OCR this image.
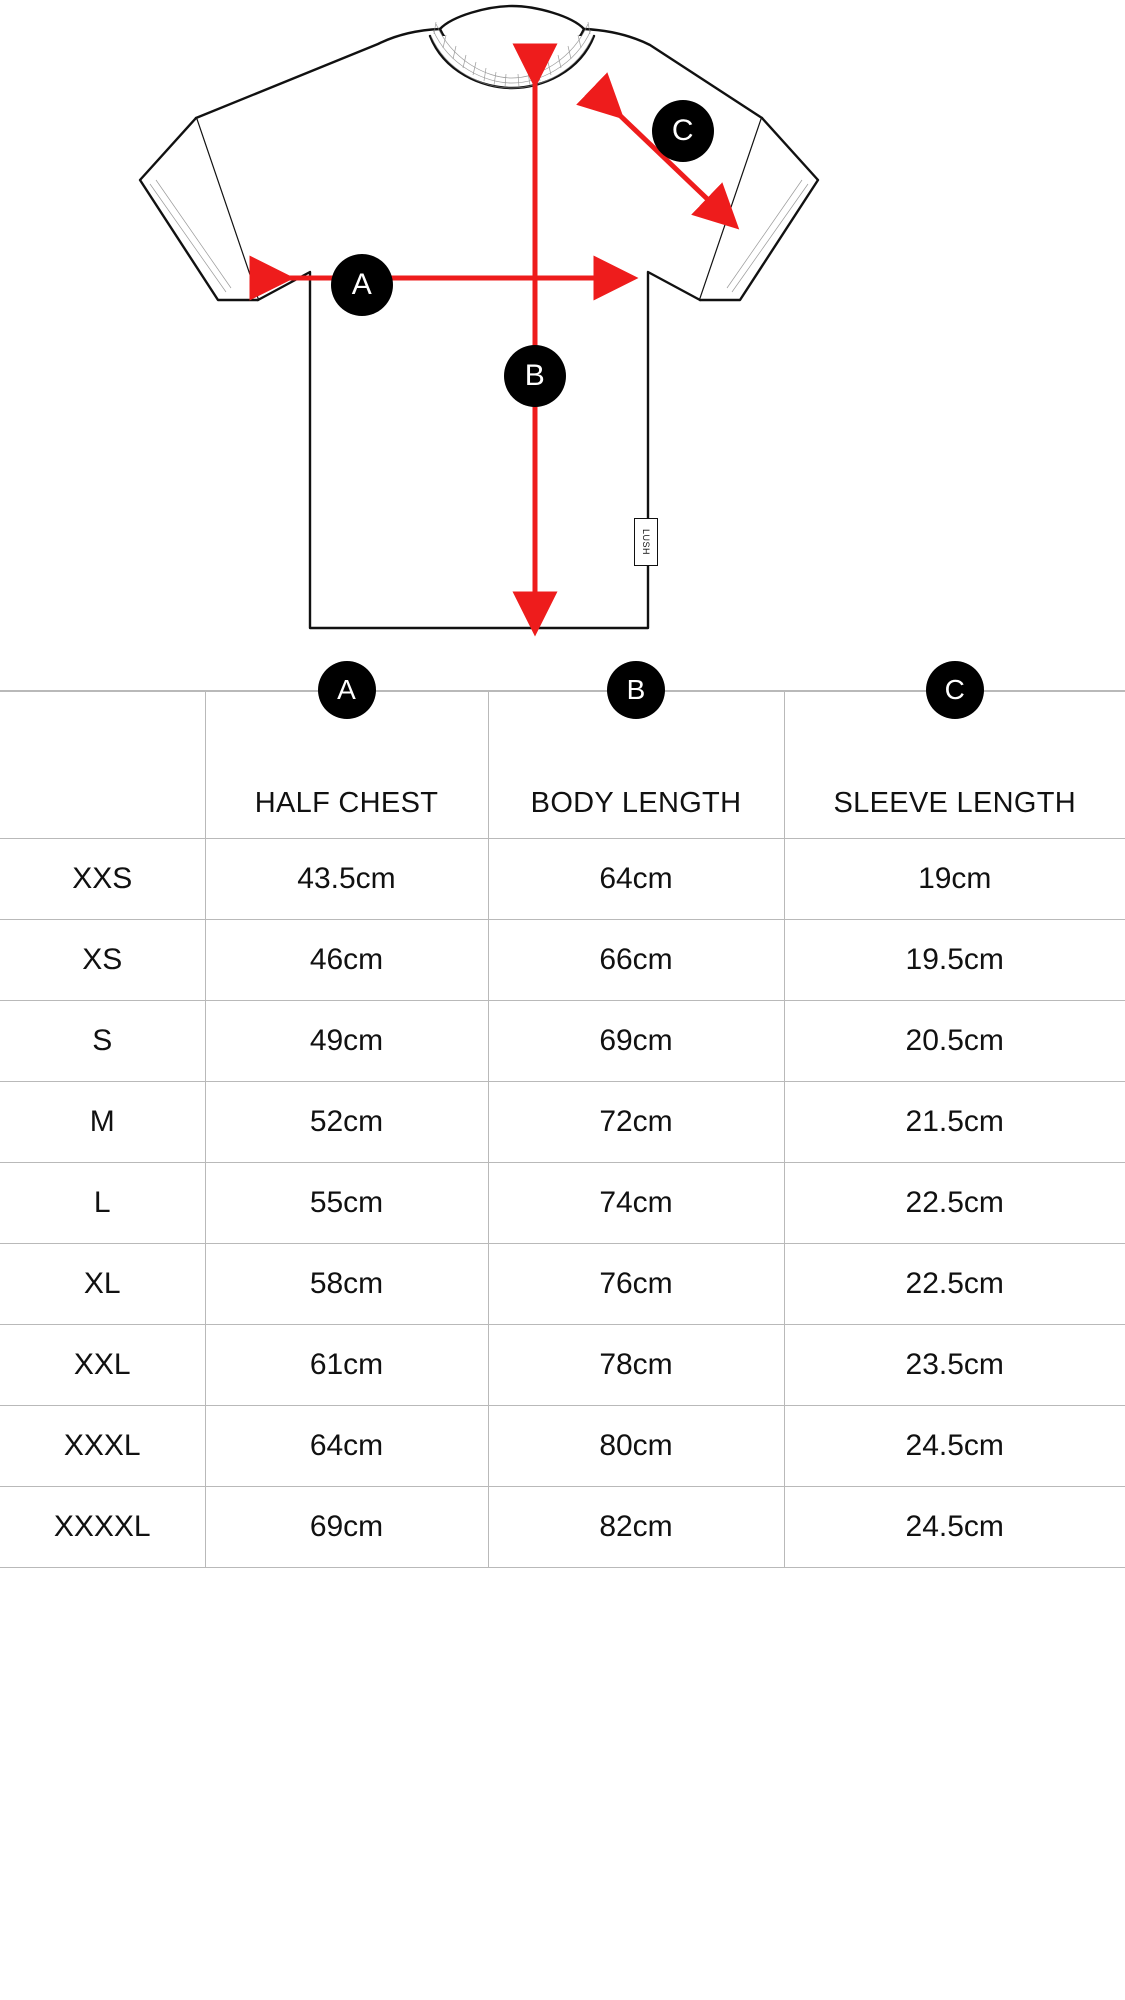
A
B
C
LUSH

A
HALF CHEST	B
BODY LENGTH	C
SLEEVE LENGTH
XXS	43.5cm	64cm	19cm
XS	46cm	66cm	19.5cm
S	49cm	69cm	20.5cm
M	52cm	72cm	21.5cm
L	55cm	74cm	22.5cm
XL	58cm	76cm	22.5cm
XXL	61cm	78cm	23.5cm
XXXL	64cm	80cm	24.5cm
XXXXL	69cm	82cm	24.5cm
